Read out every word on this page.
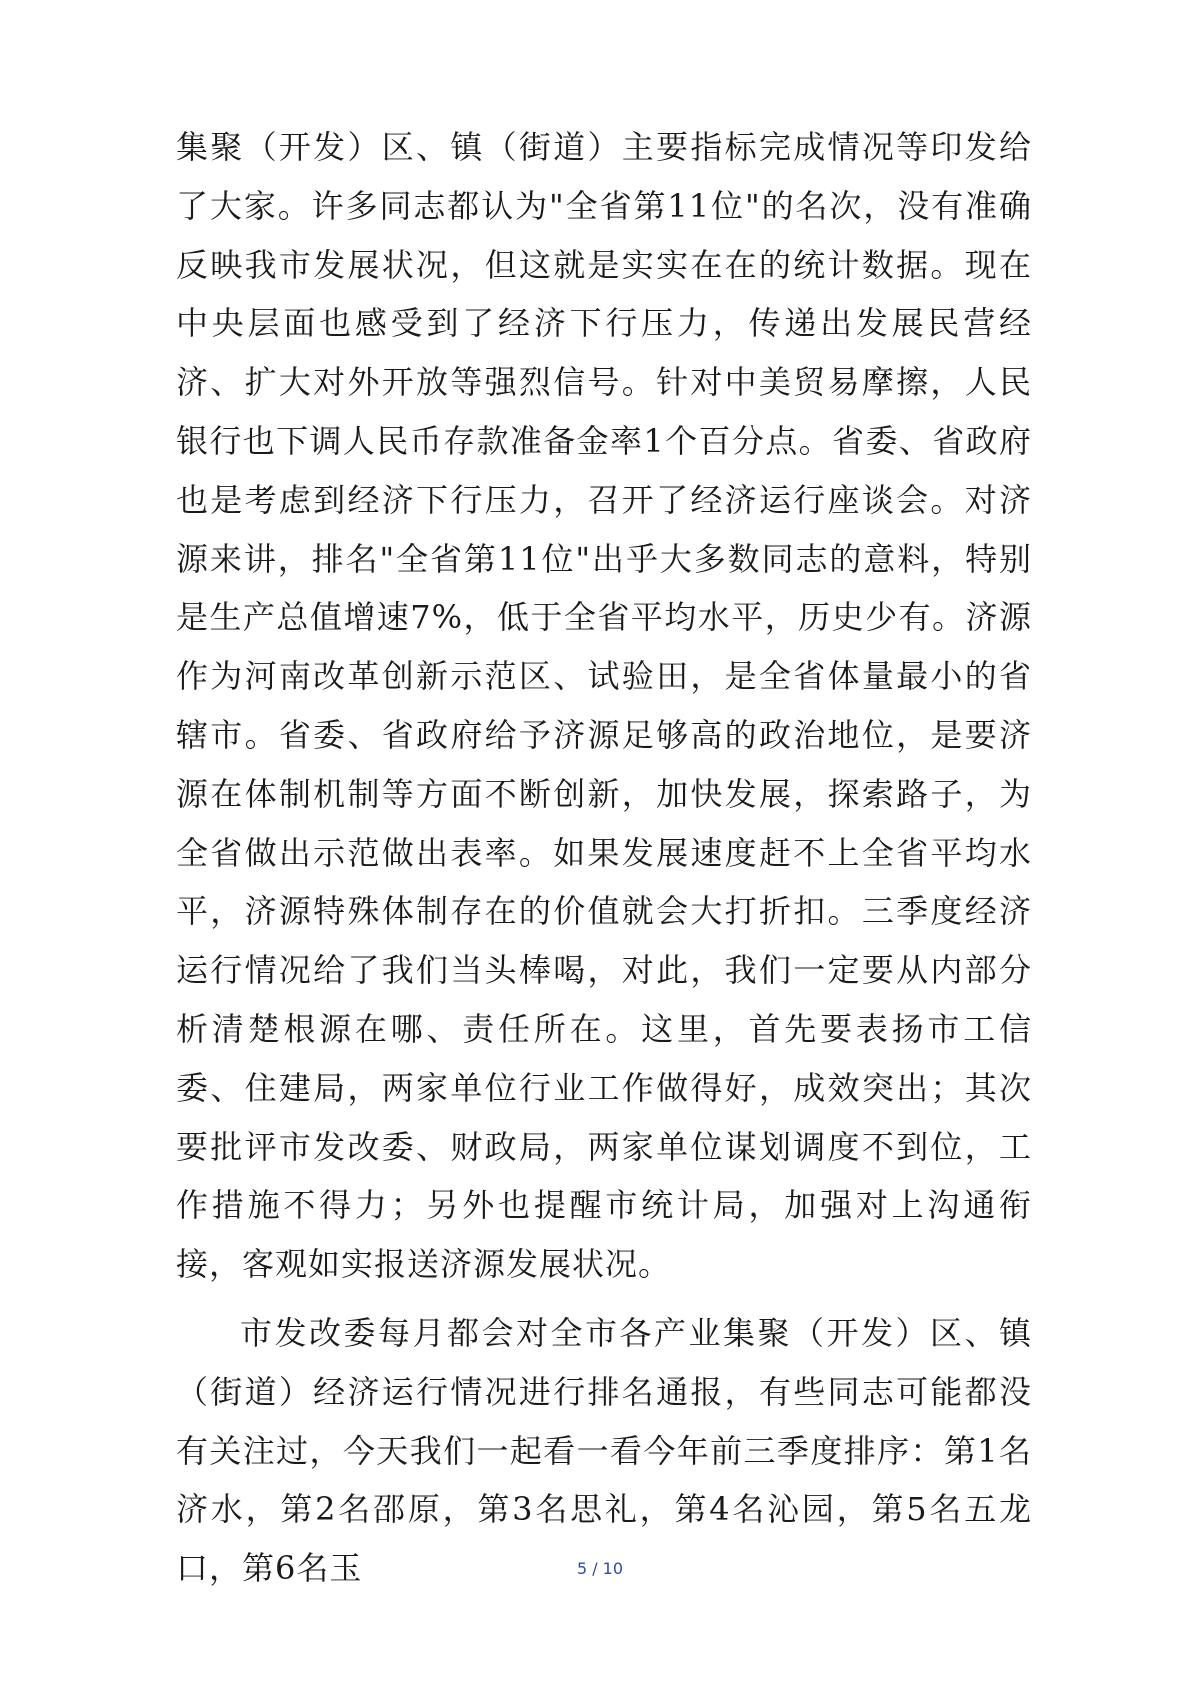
集聚（开发）区、镇（街道）主要指标完成情况等印发给了大家。许多同志都认为"全省第11位"的名次，没有准确反映我市发展状况，但这就是实实在在的统计数据。现在中央层面也感受到了经济下行压力，传递出发展民营经济、扩大对外开放等强烈信号。针对中美贸易摩擦，人民银行也下调人民币存款准备金率1个百分点。省委、省政府也是考虑到经济下行压力，召开了经济运行座谈会。对济源来讲，排名"全省第11位"出乎大多数同志的意料，特别是生产总值增速7%，低于全省平均水平，历史少有。济源作为河南改革创新示范区、试验田，是全省体量最小的省辖市。省委、省政府给予济源足够高的政治地位，是要济源在体制机制等方面不断创新，加快发展，探索路子，为全省做出示范做出表率。如果发展速度赶不上全省平均水平，济源特殊体制存在的价值就会大打折扣。三季度经济运行情况给了我们当头棒喝，对此，我们一定要从内部分析清楚根源在哪、责任所在。这里，首先要表扬市工信委、住建局，两家单位行业工作做得好，成效突出；其次要批评市发改委、财政局，两家单位谋划调度不到位，工作措施不得力；另外也提醒市统计局，加强对上沟通衔接，客观如实报送济源发展状况。

市发改委每月都会对全市各产业集聚（开发）区、镇（街道）经济运行情况进行排名通报，有些同志可能都没有关注过，今天我们一起看一看今年前三季度排序：第1名济水，第2名邵原，第3名思礼，第4名沁园，第5名五龙口，第6名玉	5 / 10
